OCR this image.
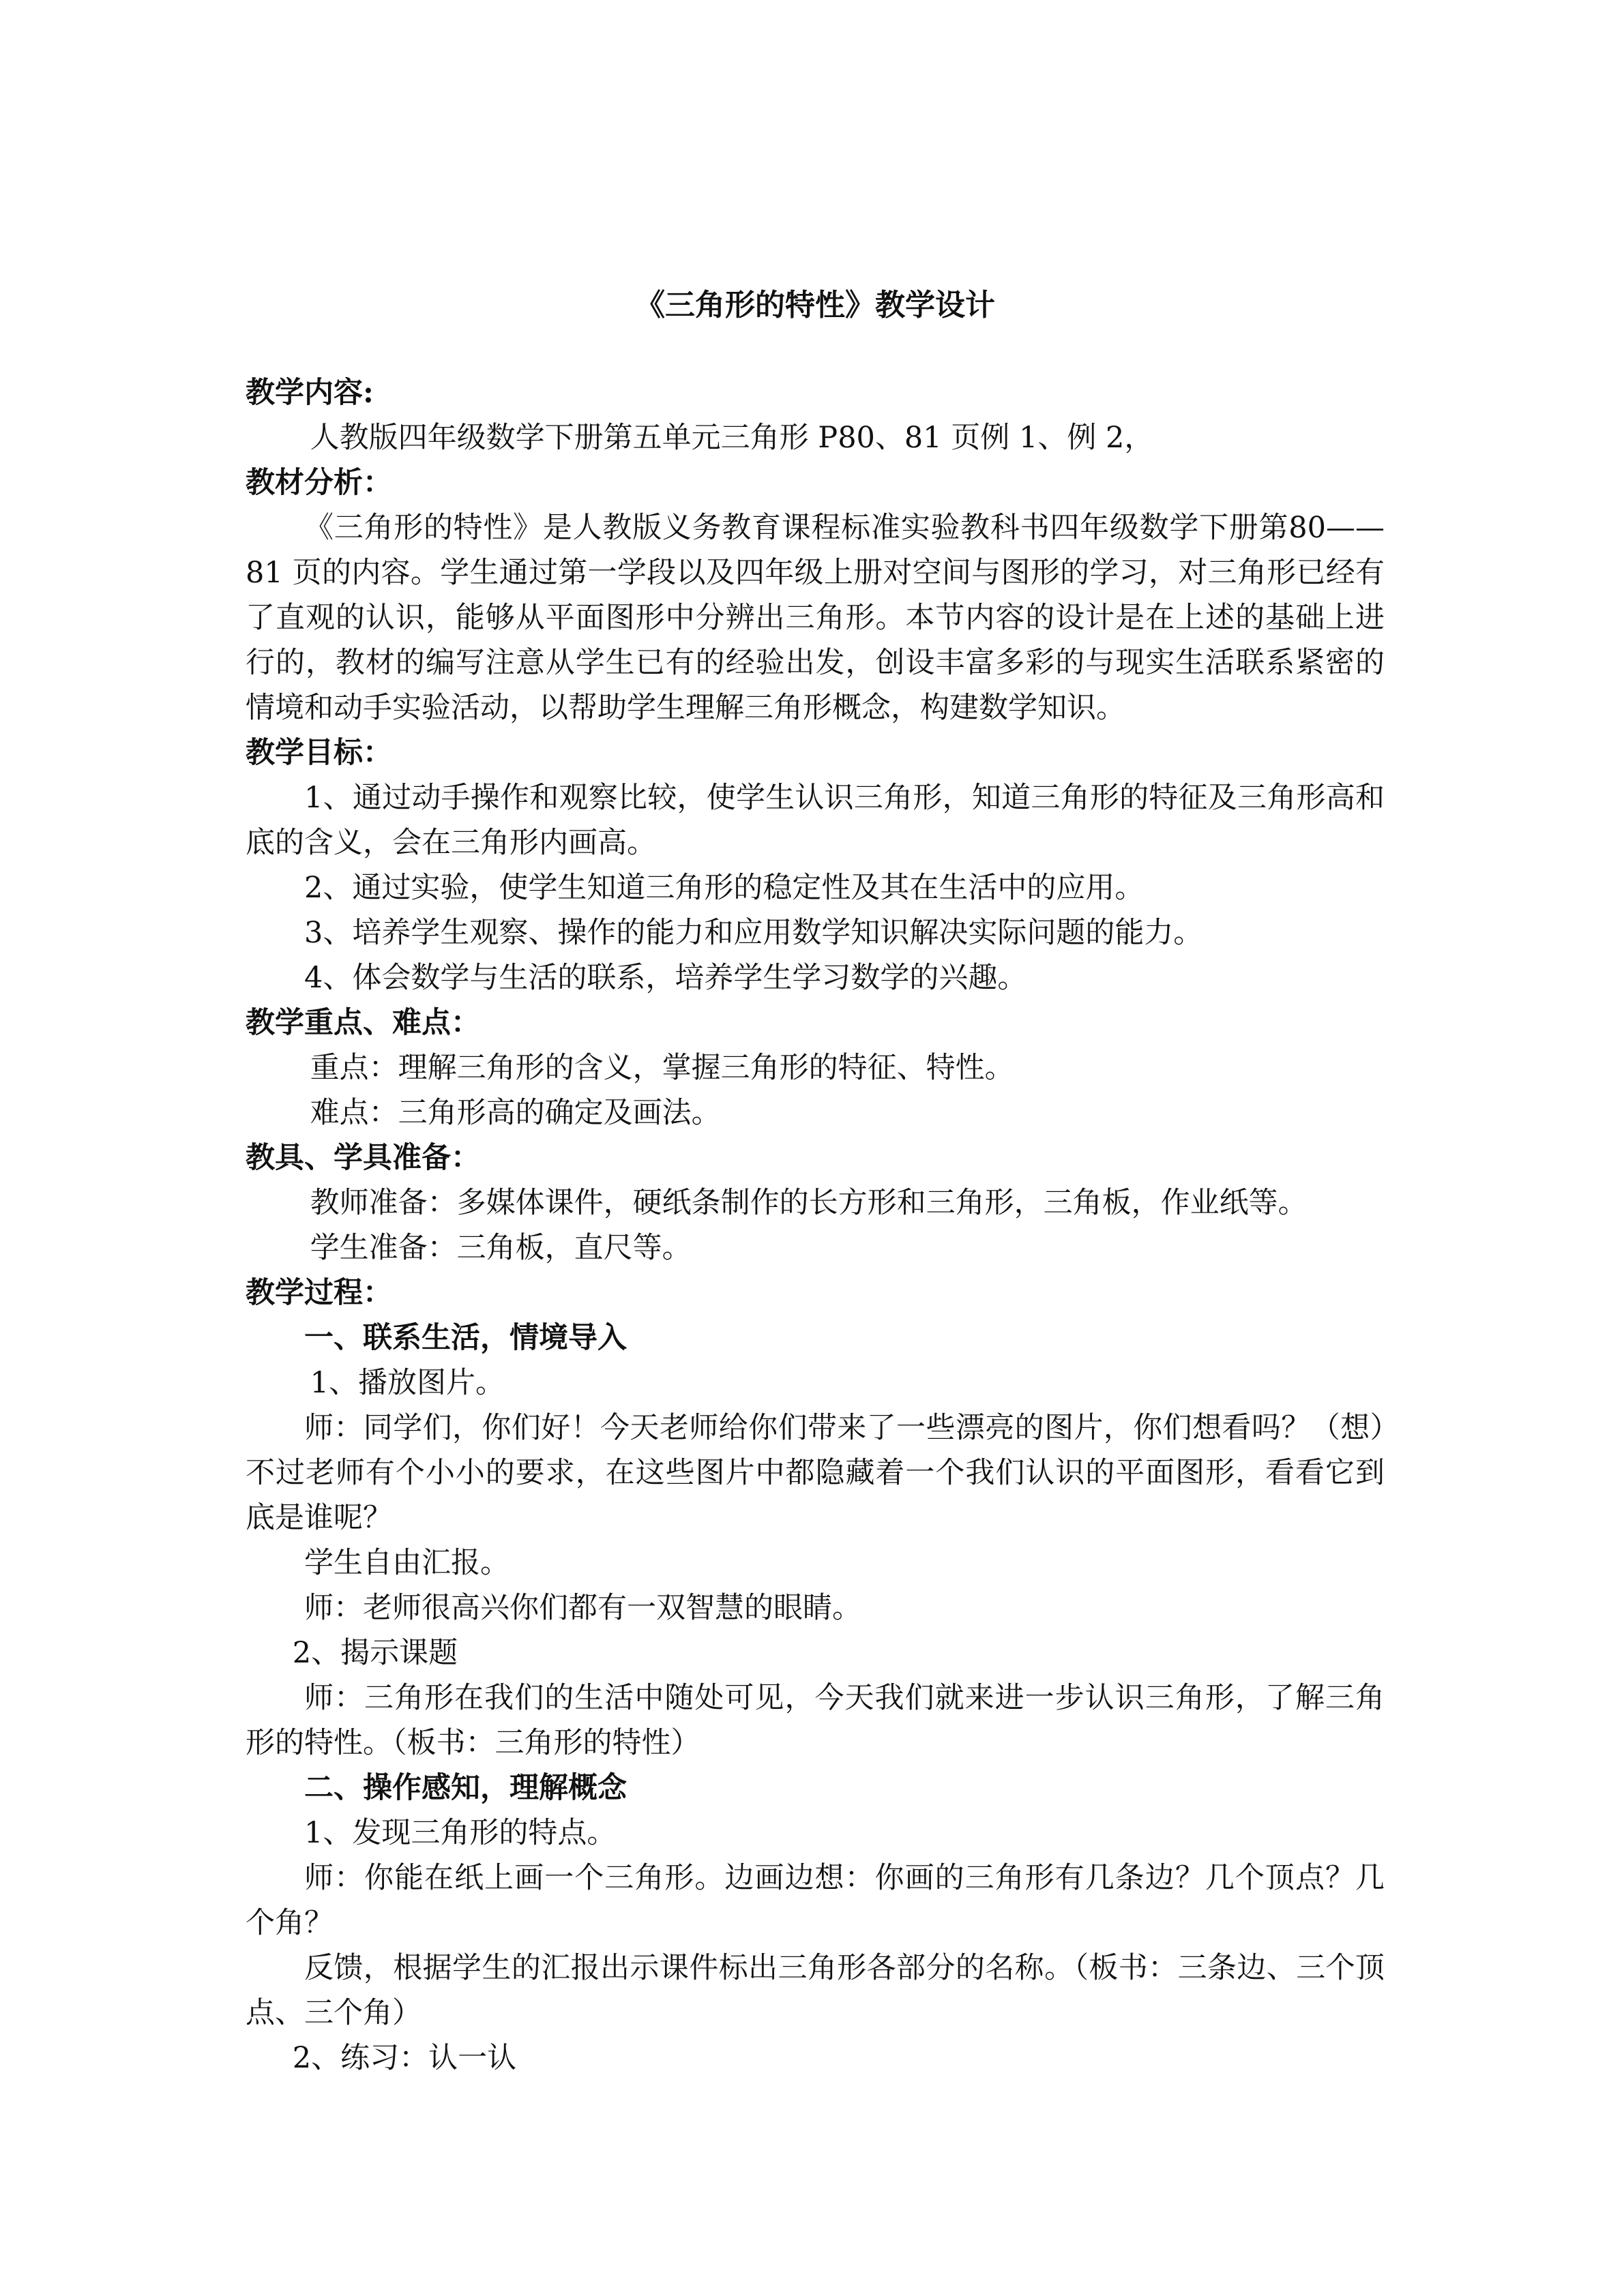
《三角形的特性》教学设计
教学内容:
人教版四年级数学下册第五单元三角形 P80、81 页例 1、例 2，
教材分析：
《三角形的特性》是人教版义务教育课程标准实验教科书四年级数学下册第80——81 页的内容。学生通过第一学段以及四年级上册对空间与图形的学习，对三角形已经有了直观的认识，能够从平面图形中分辨出三角形。本节内容的设计是在上述的基础上进行的，教材的编写注意从学生已有的经验出发，创设丰富多彩的与现实生活联系紧密的情境和动手实验活动，以帮助学生理解三角形概念，构建数学知识。
教学目标：
1、通过动手操作和观察比较，使学生认识三角形，知道三角形的特征及三角形高和底的含义，会在三角形内画高。
2、通过实验，使学生知道三角形的稳定性及其在生活中的应用。
3、培养学生观察、操作的能力和应用数学知识解决实际问题的能力。
4、体会数学与生活的联系，培养学生学习数学的兴趣。
教学重点、难点：
重点：理解三角形的含义，掌握三角形的特征、特性。
难点：三角形高的确定及画法。
教具、学具准备：
教师准备：多媒体课件，硬纸条制作的长方形和三角形，三角板，作业纸等。
学生准备：三角板，直尺等。
教学过程：
一、联系生活，情境导入
1、播放图片。
师：同学们，你们好！今天老师给你们带来了一些漂亮的图片，你们想看吗？（想）不过老师有个小小的要求，在这些图片中都隐藏着一个我们认识的平面图形，看看它到底是谁呢？
学生自由汇报。
师：老师很高兴你们都有一双智慧的眼睛。
2、揭示课题
师：三角形在我们的生活中随处可见，今天我们就来进一步认识三角形，了解三角形的特性。（板书：三角形的特性）
二、操作感知，理解概念
1、发现三角形的特点。
师：你能在纸上画一个三角形。边画边想：你画的三角形有几条边？几个顶点？几个角？
反馈，根据学生的汇报出示课件标出三角形各部分的名称。（板书：三条边、三个顶点、三个角）
2、练习：认一认
